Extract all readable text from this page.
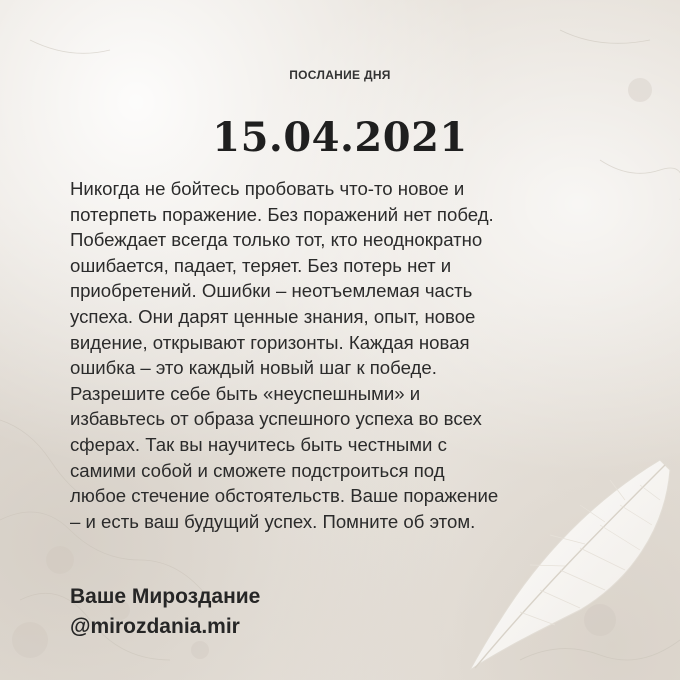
ПОСЛАНИЕ ДНЯ

15.04.2021
Никогда не бойтесь пробовать что-то новое и
потерпеть поражение. Без поражений нет побед.
Побеждает всегда только тот, кто неоднократно
ошибается, падает, теряет. Без потерь нет и
приобретений. Ошибки – неотъемлемая часть
успеха. Они дарят ценные знания, опыт, новое
видение, открывают горизонты. Каждая новая
ошибка – это каждый новый шаг к победе.
Разрешите себе быть «неуспешными» и
избавьтесь от образа успешного успеха во всех
сферах. Так вы научитесь быть честными с
самими собой и сможете подстроиться под
любое стечение обстоятельств. Ваше поражение
– и есть ваш будущий успех. Помните об этом.
Ваше Мироздание
@mirozdania.mir
